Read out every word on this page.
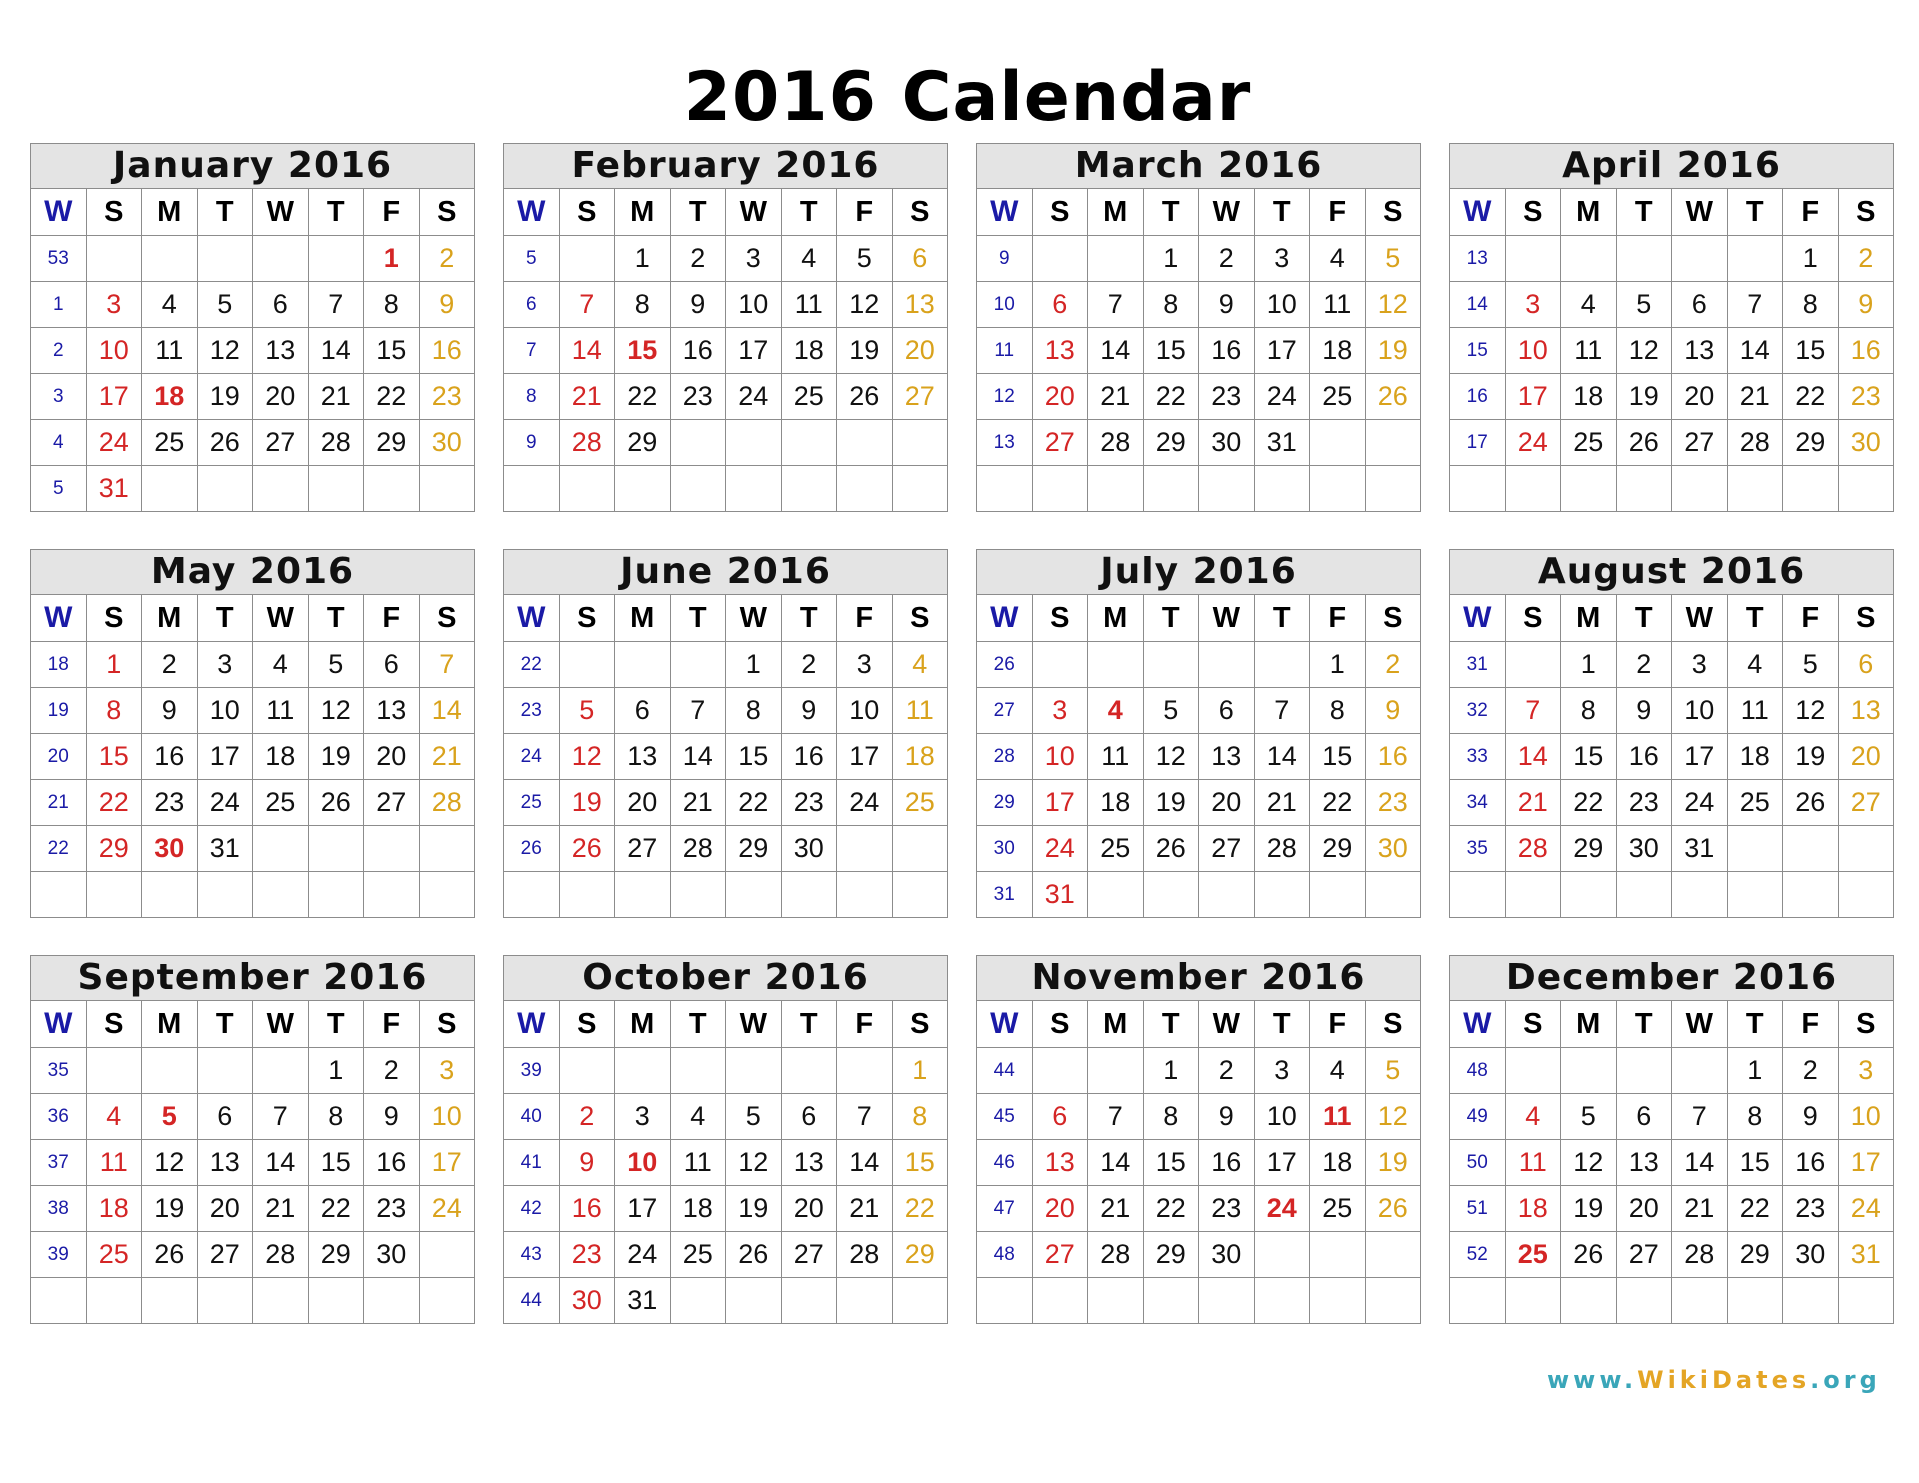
2016 Calendar
January 2016							
W	S	M	T	W	T	F	S
53						1	2
1	3	4	5	6	7	8	9
2	10	11	12	13	14	15	16
3	17	18	19	20	21	22	23
4	24	25	26	27	28	29	30
5	31						
February 2016							
W	S	M	T	W	T	F	S
5		1	2	3	4	5	6
6	7	8	9	10	11	12	13
7	14	15	16	17	18	19	20
8	21	22	23	24	25	26	27
9	28	29					

March 2016							
W	S	M	T	W	T	F	S
9			1	2	3	4	5
10	6	7	8	9	10	11	12
11	13	14	15	16	17	18	19
12	20	21	22	23	24	25	26
13	27	28	29	30	31		

April 2016							
W	S	M	T	W	T	F	S
13						1	2
14	3	4	5	6	7	8	9
15	10	11	12	13	14	15	16
16	17	18	19	20	21	22	23
17	24	25	26	27	28	29	30

May 2016							
W	S	M	T	W	T	F	S
18	1	2	3	4	5	6	7
19	8	9	10	11	12	13	14
20	15	16	17	18	19	20	21
21	22	23	24	25	26	27	28
22	29	30	31				

June 2016							
W	S	M	T	W	T	F	S
22				1	2	3	4
23	5	6	7	8	9	10	11
24	12	13	14	15	16	17	18
25	19	20	21	22	23	24	25
26	26	27	28	29	30		

July 2016							
W	S	M	T	W	T	F	S
26						1	2
27	3	4	5	6	7	8	9
28	10	11	12	13	14	15	16
29	17	18	19	20	21	22	23
30	24	25	26	27	28	29	30
31	31						
August 2016							
W	S	M	T	W	T	F	S
31		1	2	3	4	5	6
32	7	8	9	10	11	12	13
33	14	15	16	17	18	19	20
34	21	22	23	24	25	26	27
35	28	29	30	31			

September 2016							
W	S	M	T	W	T	F	S
35					1	2	3
36	4	5	6	7	8	9	10
37	11	12	13	14	15	16	17
38	18	19	20	21	22	23	24
39	25	26	27	28	29	30	

October 2016							
W	S	M	T	W	T	F	S
39							1
40	2	3	4	5	6	7	8
41	9	10	11	12	13	14	15
42	16	17	18	19	20	21	22
43	23	24	25	26	27	28	29
44	30	31					
November 2016							
W	S	M	T	W	T	F	S
44			1	2	3	4	5
45	6	7	8	9	10	11	12
46	13	14	15	16	17	18	19
47	20	21	22	23	24	25	26
48	27	28	29	30			

December 2016							
W	S	M	T	W	T	F	S
48					1	2	3
49	4	5	6	7	8	9	10
50	11	12	13	14	15	16	17
51	18	19	20	21	22	23	24
52	25	26	27	28	29	30	31

www.WikiDates.org
